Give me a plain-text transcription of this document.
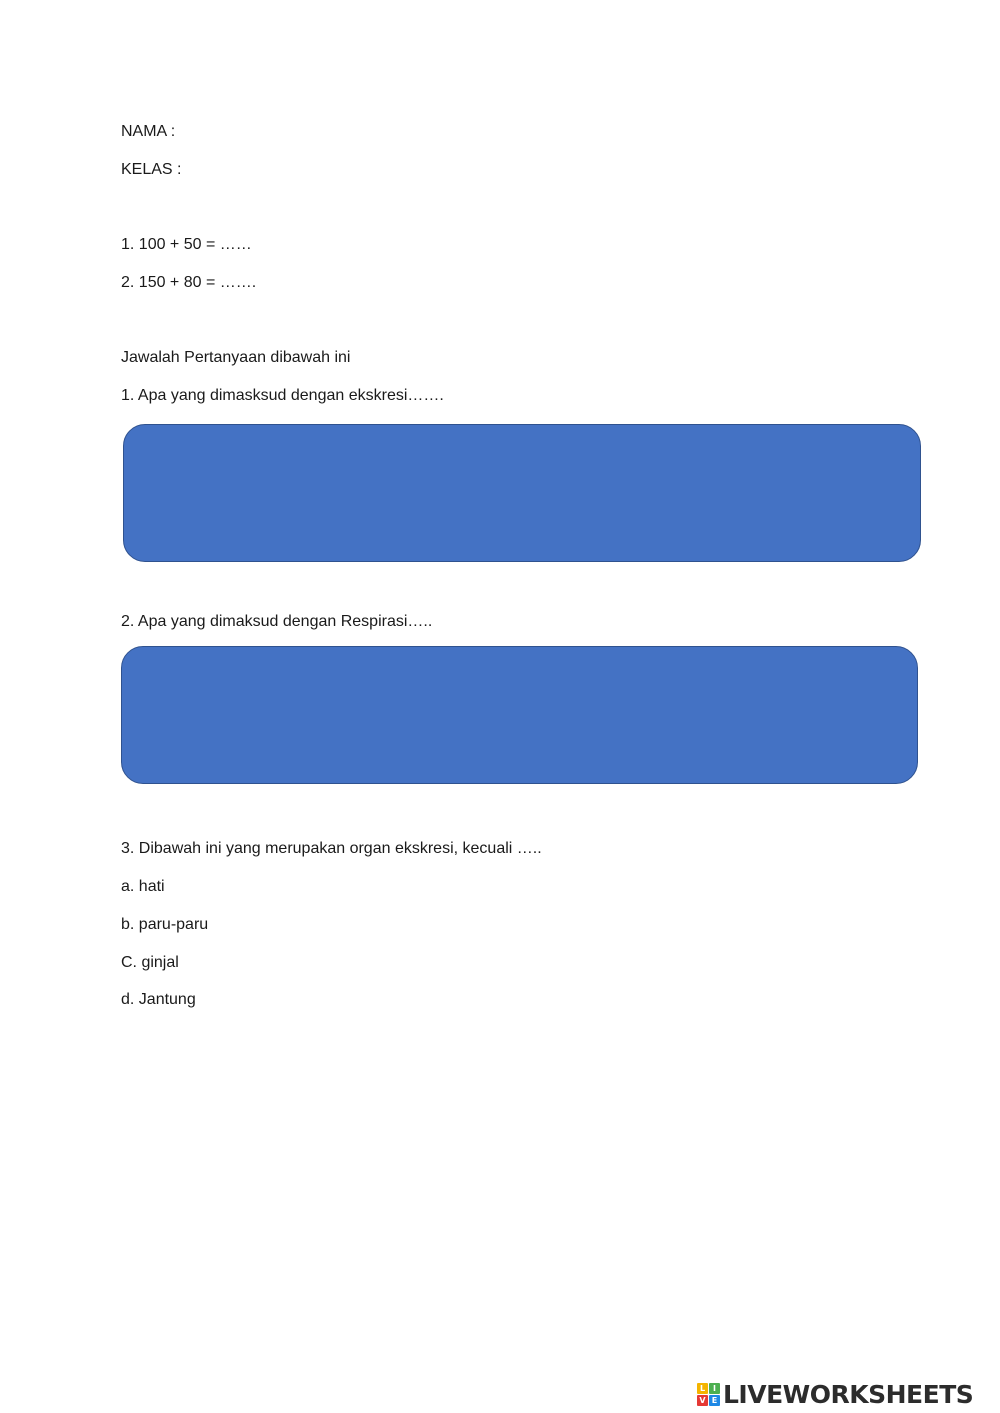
NAMA :
KELAS :
1. 100 + 50 = ……
2. 150 + 80 = …….
Jawalah Pertanyaan dibawah ini
1. Apa yang dimasksud dengan ekskresi…….
2. Apa yang dimaksud dengan Respirasi…..
3. Dibawah ini yang merupakan organ ekskresi, kecuali …..
a. hati
b. paru-paru
C. ginjal
d. Jantung
L I
V E LIVEWORKSHEETS
